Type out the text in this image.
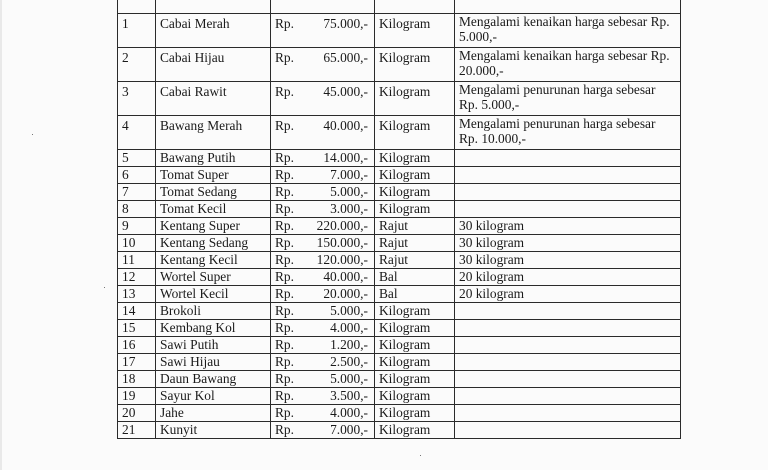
1	Cabai Merah	Rp. 75.000,-	Kilogram	Mengalami kenaikan harga sebesar Rp. 5.000,-
2	Cabai Hijau	Rp. 65.000,-	Kilogram	Mengalami kenaikan harga sebesar Rp. 20.000,-
3	Cabai Rawit	Rp. 45.000,-	Kilogram	Mengalami penurunan harga sebesar Rp. 5.000,-
4	Bawang Merah	Rp. 40.000,-	Kilogram	Mengalami penurunan harga sebesar Rp. 10.000,-
5	Bawang Putih	Rp. 14.000,-	Kilogram	
6	Tomat Super	Rp. 7.000,-	Kilogram	
7	Tomat Sedang	Rp. 5.000,-	Kilogram	
8	Tomat Kecil	Rp. 3.000,-	Kilogram	
9	Kentang Super	Rp. 220.000,-	Rajut	30 kilogram
10	Kentang Sedang	Rp. 150.000,-	Rajut	30 kilogram
11	Kentang Kecil	Rp. 120.000,-	Rajut	30 kilogram
12	Wortel Super	Rp. 40.000,-	Bal	20 kilogram
13	Wortel Kecil	Rp. 20.000,-	Bal	20 kilogram
14	Brokoli	Rp. 5.000,-	Kilogram	
15	Kembang Kol	Rp. 4.000,-	Kilogram	
16	Sawi Putih	Rp. 1.200,-	Kilogram	
17	Sawi Hijau	Rp. 2.500,-	Kilogram	
18	Daun Bawang	Rp. 5.000,-	Kilogram	
19	Sayur Kol	Rp. 3.500,-	Kilogram	
20	Jahe	Rp. 4.000,-	Kilogram	
21	Kunyit	Rp. 7.000,-	Kilogram	
